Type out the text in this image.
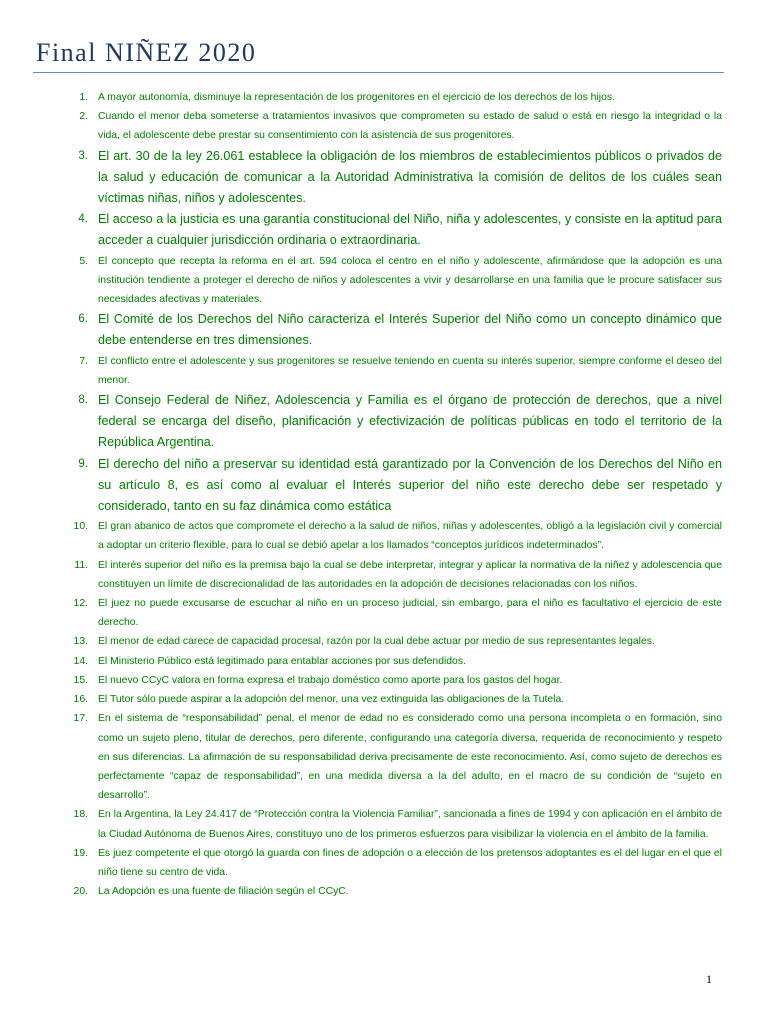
Final NIÑEZ 2020
1. A mayor autonomía, disminuye la representación de los progenitores en el ejercicio de los derechos de los hijos.
2. Cuando el menor deba someterse a tratamientos invasivos que comprometen su estado de salud o está en riesgo la integridad o la vida, el adolescente debe prestar su consentimiento con la asistencia de sus progenitores.
3. El art. 30 de la ley 26.061 establece la obligación de los miembros de establecimientos públicos o privados de la salud y educación de comunicar a la Autoridad Administrativa la comisión de delitos de los cuáles sean víctimas niñas, niños y adolescentes.
4. El acceso a la justicia es una garantía constitucional del Niño, niña y adolescentes, y consiste en la aptitud para acceder a cualquier jurisdicción ordinaria o extraordinaria.
5. El concepto que recepta la reforma en el art. 594 coloca el centro en el niño y adolescente, afirmándose que la adopción es una institución tendiente a proteger el derecho de niños y adolescentes a vivir y desarrollarse en una familia que le procure satisfacer sus necesidades afectivas y materiales.
6. El Comité de los Derechos del Niño caracteriza el Interés Superior del Niño como un concepto dinámico que debe entenderse en tres dimensiones.
7. El conflicto entre el adolescente y sus progenitores se resuelve teniendo en cuenta su interés superior, siempre conforme el deseo del menor.
8. El Consejo Federal de Niñez, Adolescencia y Familia es el órgano de protección de derechos, que a nivel federal se encarga del diseño, planificación y efectivización de políticas públicas en todo el territorio de la República Argentina.
9. El derecho del niño a preservar su identidad está garantizado por la Convención de los Derechos del Niño en su artículo 8, es así como al evaluar el Interés superior del niño este derecho debe ser respetado y considerado, tanto en su faz dinámica como estática
10. El gran abanico de actos que compromete el derecho a la salud de niños, niñas y adolescentes, obligó a la legislación civil y comercial a adoptar un criterio flexible, para lo cual se debió apelar a los llamados “conceptos jurídicos indeterminados”.
11. El interés superior del niño es la premisa bajo la cual se debe interpretar, integrar y aplicar la normativa de la niñez y adolescencia que constituyen un límite de discrecionalidad de las autoridades en la adopción de decisiones relacionadas con los niños.
12. El juez no puede excusarse de escuchar al niño en un proceso judicial, sin embargo, para el niño es facultativo el ejercicio de este derecho.
13. El menor de edad carece de capacidad procesal, razón por la cual debe actuar por medio de sus representantes legales.
14. El Ministerio Público está legitimado para entablar acciones por sus defendidos.
15. El nuevo CCyC valora en forma expresa el trabajo doméstico como aporte para los gastos del hogar.
16. El Tutor sólo puede aspirar a la adopción del menor, una vez extinguida las obligaciones de la Tutela.
17. En el sistema de “responsabilidad” penal, el menor de edad no es considerado como una persona incompleta o en formación, sino como un sujeto pleno, titular de derechos, pero diferente, configurando una categoría diversa, requerida de reconocimiento y respeto en sus diferencias. La afirmación de su responsabilidad deriva precisamente de este reconocimiento. Así, como sujeto de derechos es perfectamente “capaz de responsabilidad”, en una medida diversa a la del adulto, en el macro de su condición de “sujeto en desarrollo”.
18. En la Argentina, la Ley 24.417 de “Protección contra la Violencia Familiar”, sancionada a fines de 1994 y con aplicación en el ámbito de la Ciudad Autónoma de Buenos Aires, constituyo uno de los primeros esfuerzos para visibilizar la violencia en el ámbito de la familia.
19. Es juez competente el que otorgó la guarda con fines de adopción o a elección de los pretensos adoptantes es el del lugar en el que el niño tiene su centro de vida.
20. La Adopción es una fuente de filiación según el CCyC.
1
